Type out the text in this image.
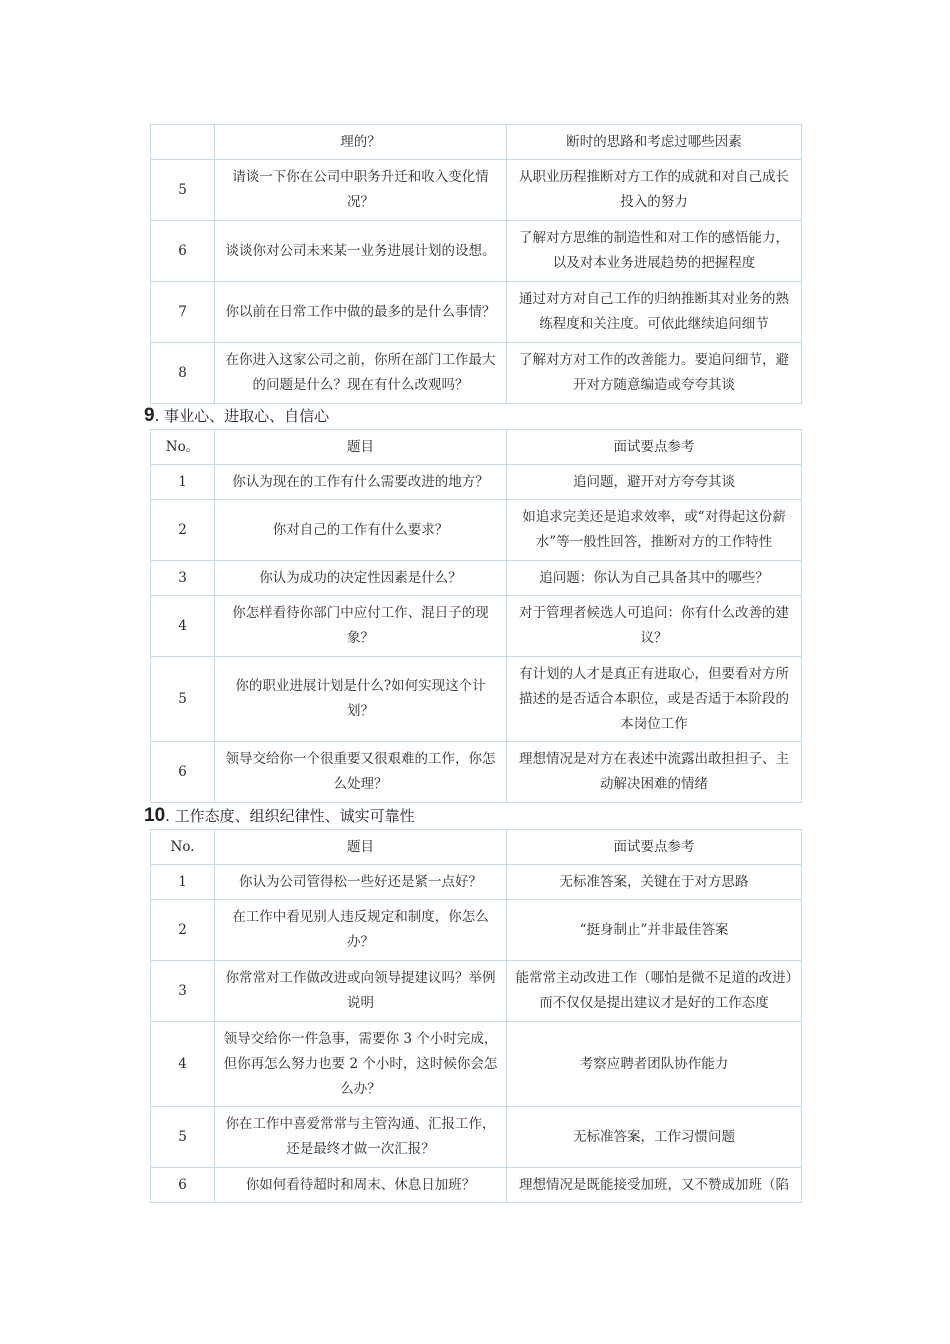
	理的？	断时的思路和考虑过哪些因素
5	请谈一下你在公司中职务升迁和收入变化情况？	从职业历程推断对方工作的成就和对自己成长投入的努力
6	谈谈你对公司未来某一业务进展计划的设想。	了解对方思维的制造性和对工作的感悟能力，以及对本业务进展趋势的把握程度
7	你以前在日常工作中做的最多的是什么事情？	通过对方对自己工作的归纳推断其对业务的熟练程度和关注度。可依此继续追问细节
8	在你进入这家公司之前，你所在部门工作最大的问题是什么？现在有什么改观吗？	了解对方对工作的改善能力。要追问细节，避开对方随意编造或夸夸其谈
9. 事业心、进取心、自信心
No。	题目	面试要点参考
1	你认为现在的工作有什么需要改进的地方？	追问题，避开对方夸夸其谈
2	你对自己的工作有什么要求？	如追求完美还是追求效率，或“对得起这份薪水”等一般性回答，推断对方的工作特性
3	你认为成功的决定性因素是什么？	追问题：你认为自己具备其中的哪些？
4	你怎样看待你部门中应付工作、混日子的现象？	对于管理者候选人可追问：你有什么改善的建议？
5	你的职业进展计划是什么?如何实现这个计划？	有计划的人才是真正有进取心，但要看对方所描述的是否适合本职位，或是否适于本阶段的本岗位工作
6	领导交给你一个很重要又很艰难的工作，你怎么处理？	理想情况是对方在表述中流露出敢担担子、主动解决困难的情绪
10. 工作态度、组织纪律性、诚实可靠性
No.	题目	面试要点参考
1	你认为公司管得松一些好还是紧一点好？	无标准答案，关键在于对方思路
2	在工作中看见别人违反规定和制度，你怎么办？	“挺身制止”并非最佳答案
3	你常常对工作做改进或向领导提建议吗？举例说明	能常常主动改进工作（哪怕是微不足道的改进）而不仅仅是提出建议才是好的工作态度
4	领导交给你一件急事，需要你 3 个小时完成，但你再怎么努力也要 2 个小时，这时候你会怎么办？	考察应聘者团队协作能力
5	你在工作中喜爱常常与主管沟通、汇报工作，还是最终才做一次汇报？	无标准答案，工作习惯问题
6	你如何看待超时和周末、休息日加班？	理想情况是既能接受加班，又不赞成加班（陷
